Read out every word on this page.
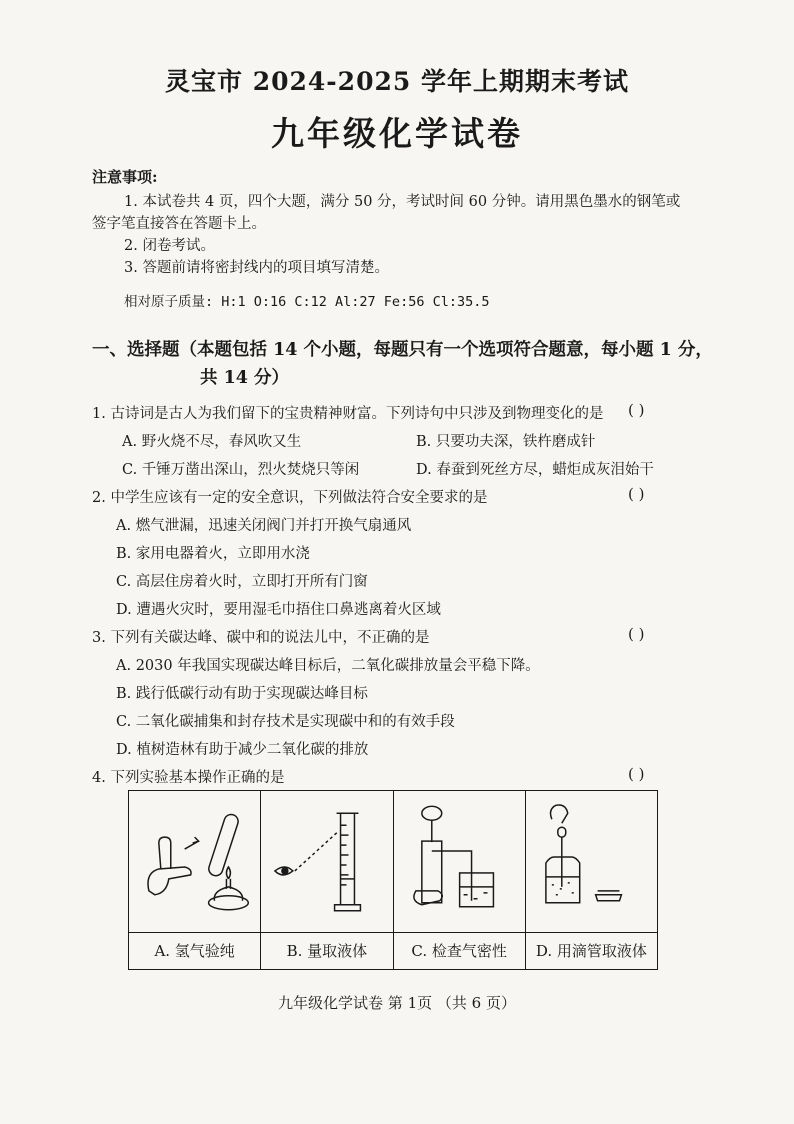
灵宝市 2024-2025 学年上期期末考试
九年级化学试卷
注意事项:
1. 本试卷共 4 页，四个大题，满分 50 分，考试时间 60 分钟。请用黑色墨水的钢笔或
签字笔直接答在答题卡上。
2. 闭卷考试。
3. 答题前请将密封线内的项目填写清楚。
相对原子质量: H:1 O:16 C:12 Al:27 Fe:56 Cl:35.5
一、选择题（本题包括 14 个小题，每题只有一个选项符合题意，每小题 1 分，
共 14 分）
1. 古诗词是古人为我们留下的宝贵精神财富。下列诗句中只涉及到物理变化的是 ( )
A. 野火烧不尽，春风吹又生	B. 只要功夫深，铁杵磨成针
C. 千锤万凿出深山，烈火焚烧只等闲	D. 春蚕到死丝方尽，蜡炬成灰泪始干
2. 中学生应该有一定的安全意识，下列做法符合安全要求的是	( )
A. 燃气泄漏，迅速关闭阀门并打开换气扇通风
B. 家用电器着火，立即用水浇
C. 高层住房着火时，立即打开所有门窗
D. 遭遇火灾时，要用湿毛巾捂住口鼻逃离着火区域
3. 下列有关碳达峰、碳中和的说法儿中，不正确的是	( )
A. 2030 年我国实现碳达峰目标后，二氧化碳排放量会平稳下降。
B. 践行低碳行动有助于实现碳达峰目标
C. 二氧化碳捕集和封存技术是实现碳中和的有效手段
D. 植树造林有助于减少二氧化碳的排放
4. 下列实验基本操作正确的是	( )
A. 氢气验纯	B. 量取液体	C. 检查气密性	D. 用滴管取液体
九年级化学试卷 第 1页 （共 6 页）
